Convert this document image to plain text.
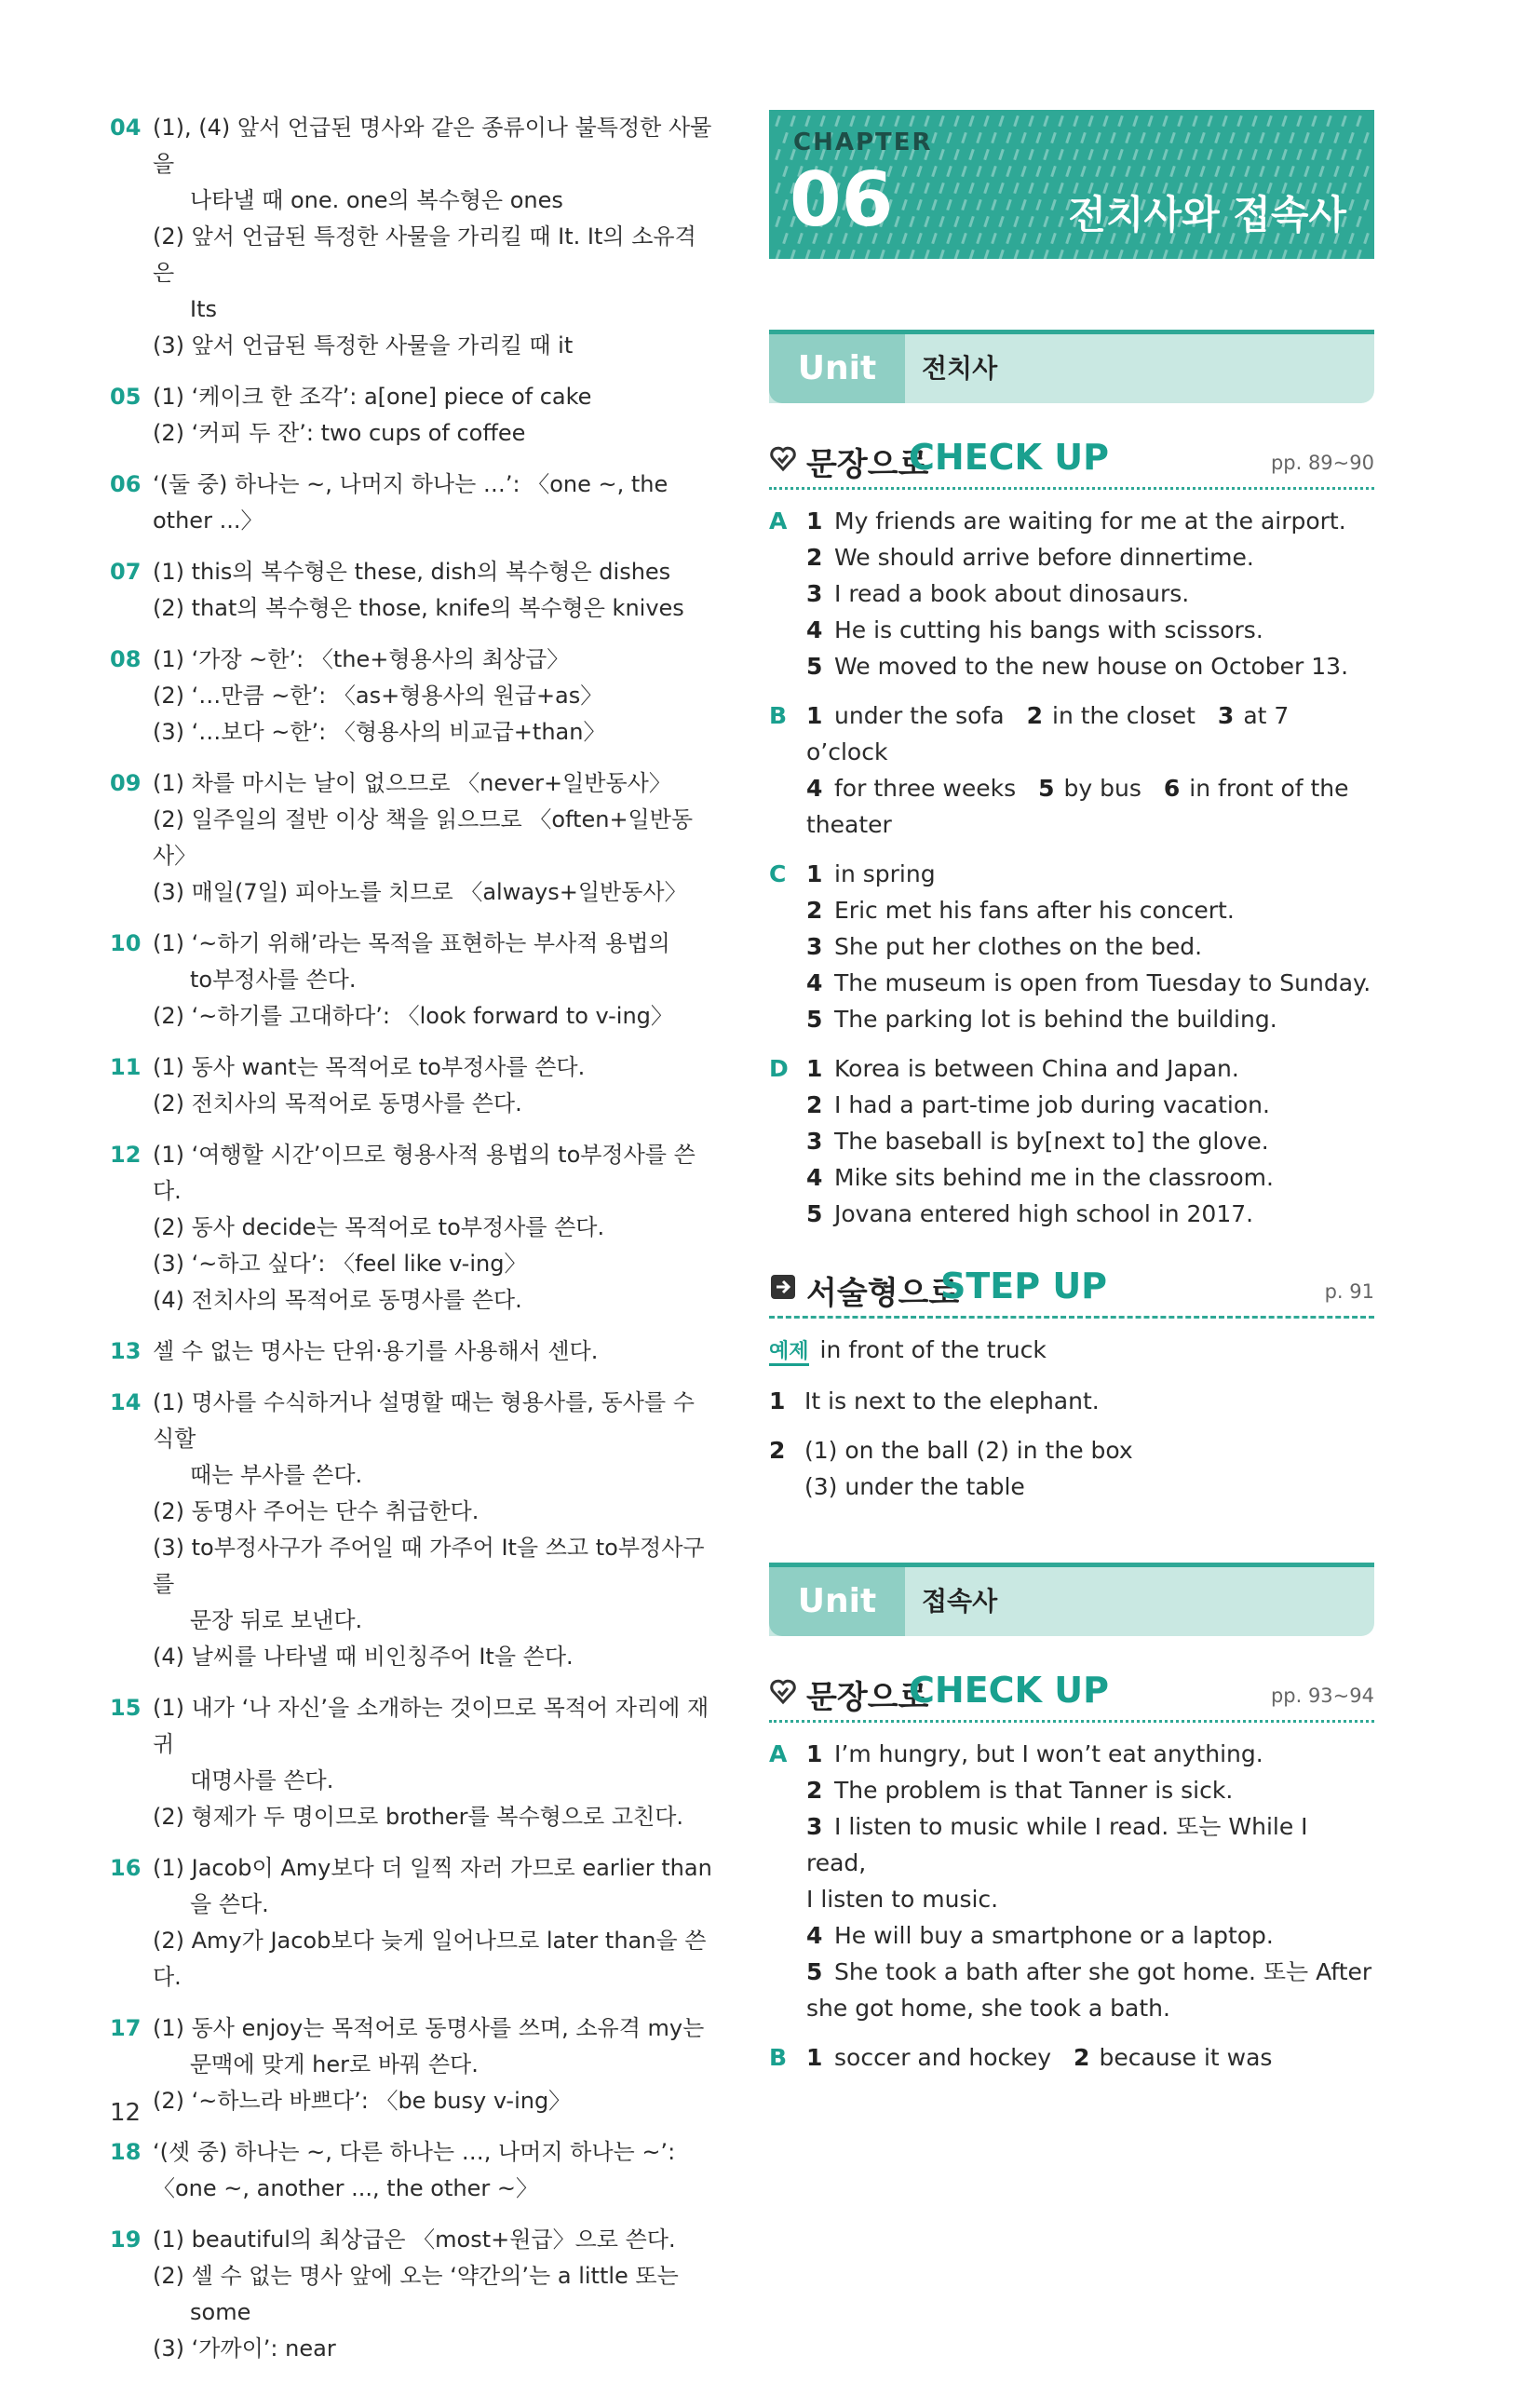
04 (1), (4) 앞서 언급된 명사와 같은 종류이나 불특정한 사물을
나타낼 때 one. one의 복수형은 ones
(2) 앞서 언급된 특정한 사물을 가리킬 때 It. It의 소유격은
Its
(3) 앞서 언급된 특정한 사물을 가리킬 때 it
05 (1) ‘케이크 한 조각’: a[one] piece of cake
(2) ‘커피 두 잔’: two cups of coffee
06 ‘(둘 중) 하나는 ~, 나머지 하나는 …’: 〈one ~, the other ...〉
07 (1) this의 복수형은 these, dish의 복수형은 dishes
(2) that의 복수형은 those, knife의 복수형은 knives
08 (1) ‘가장 ~한’: 〈the+형용사의 최상급〉
(2) ‘…만큼 ~한’: 〈as+형용사의 원급+as〉
(3) ‘…보다 ~한’: 〈형용사의 비교급+than〉
09 (1) 차를 마시는 날이 없으므로 〈never+일반동사〉
(2) 일주일의 절반 이상 책을 읽으므로 〈often+일반동사〉
(3) 매일(7일) 피아노를 치므로 〈always+일반동사〉
10 (1) ‘~하기 위해’라는 목적을 표현하는 부사적 용법의
to부정사를 쓴다.
(2) ‘~하기를 고대하다’: 〈look forward to v-ing〉
11 (1) 동사 want는 목적어로 to부정사를 쓴다.
(2) 전치사의 목적어로 동명사를 쓴다.
12 (1) ‘여행할 시간’이므로 형용사적 용법의 to부정사를 쓴다.
(2) 동사 decide는 목적어로 to부정사를 쓴다.
(3) ‘~하고 싶다’: 〈feel like v-ing〉
(4) 전치사의 목적어로 동명사를 쓴다.
13 셀 수 없는 명사는 단위·용기를 사용해서 센다.
14 (1) 명사를 수식하거나 설명할 때는 형용사를, 동사를 수식할
때는 부사를 쓴다.
(2) 동명사 주어는 단수 취급한다.
(3) to부정사구가 주어일 때 가주어 It을 쓰고 to부정사구를
문장 뒤로 보낸다.
(4) 날씨를 나타낼 때 비인칭주어 It을 쓴다.
15 (1) 내가 ‘나 자신’을 소개하는 것이므로 목적어 자리에 재귀
대명사를 쓴다.
(2) 형제가 두 명이므로 brother를 복수형으로 고친다.
16 (1) Jacob이 Amy보다 더 일찍 자러 가므로 earlier than
을 쓴다.
(2) Amy가 Jacob보다 늦게 일어나므로 later than을 쓴다.
17 (1) 동사 enjoy는 목적어로 동명사를 쓰며, 소유격 my는
문맥에 맞게 her로 바꿔 쓴다.
(2) ‘~하느라 바쁘다’: 〈be busy v-ing〉
18 ‘(셋 중) 하나는 ~, 다른 하나는 …, 나머지 하나는 ~’:
〈one ~, another ..., the other ~〉
19 (1) beautiful의 최상급은 〈most+원급〉으로 쓴다.
(2) 셀 수 없는 명사 앞에 오는 ‘약간의’는 a little 또는
some
(3) ‘가까이’: near
12
CHAPTER
06	전치사와 접속사
Unit 01
전치사
문장으로
CHECK UP	pp. 89~90
A 1 My friends are waiting for me at the airport.
2 We should arrive before dinnertime.
3 I read a book about dinosaurs.
4 He is cutting his bangs with scissors.
5 We moved to the new house on October 13.
B 1 under the sofa 2 in the closet 3 at 7 o’clock
4 for three weeks 5 by bus 6 in front of the
theater
C 1 in spring
2 Eric met his fans after his concert.
3 She put her clothes on the bed.
4 The museum is open from Tuesday to Sunday.
5 The parking lot is behind the building.
D 1 Korea is between China and Japan.
2 I had a part-time job during vacation.
3 The baseball is by[next to] the glove.
4 Mike sits behind me in the classroom.
5 Jovana entered high school in 2017.
서술형으로
STEP UP	p. 91
예제 in front of the truck
1 It is next to the elephant.
2 (1) on the ball (2) in the box
(3) under the table
Unit 02
접속사
문장으로
CHECK UP	pp. 93~94
A 1 I’m hungry, but I won’t eat anything.
2 The problem is that Tanner is sick.
3 I listen to music while I read. 또는 While I read,
I listen to music.
4 He will buy a smartphone or a laptop.
5 She took a bath after she got home. 또는 After
she got home, she took a bath.
B 1 soccer and hockey 2 because it was
